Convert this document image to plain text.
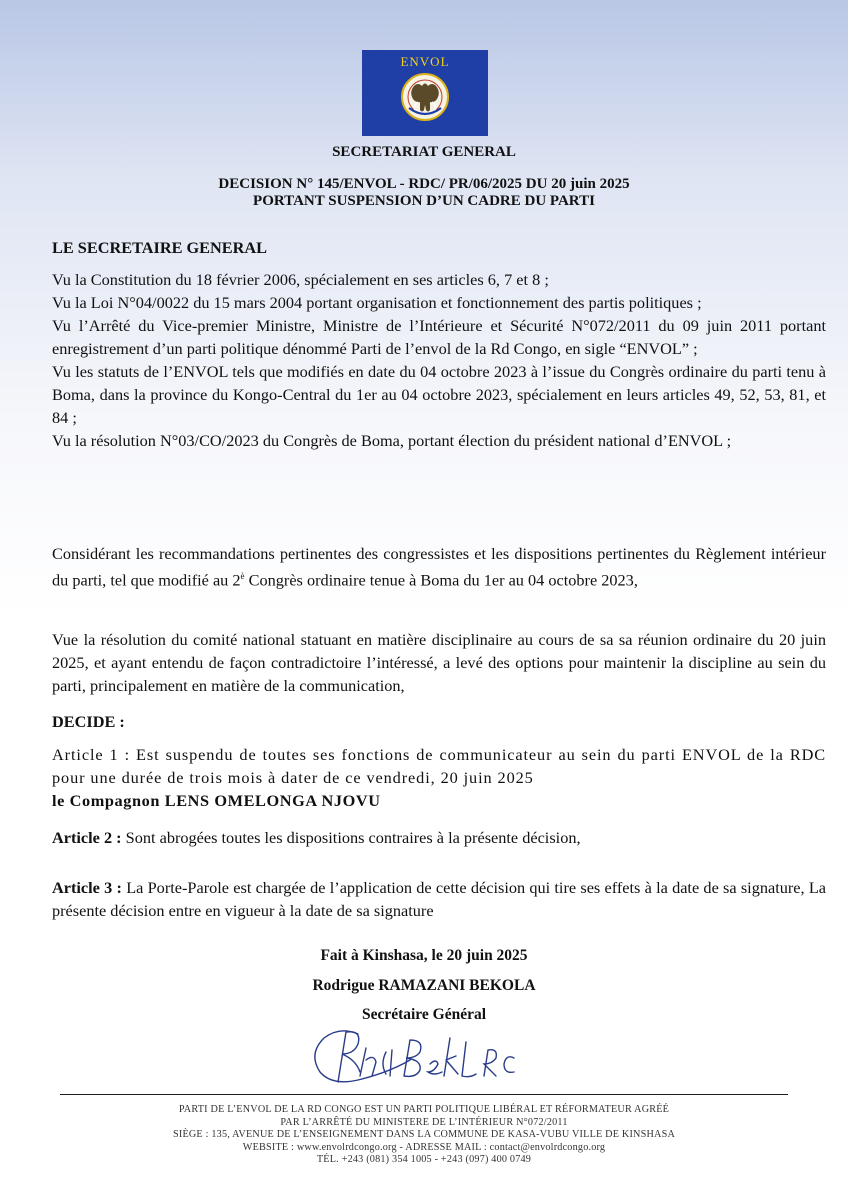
ENVOL
SECRETARIAT GENERAL
DECISION N° 145/ENVOL - RDC/ PR/06/2025 DU 20 juin 2025
PORTANT SUSPENSION D’UN CADRE DU PARTI
LE SECRETAIRE GENERAL
Vu la Constitution du 18 février 2006, spécialement en ses articles 6, 7 et 8 ;
Vu la Loi N°04/0022 du 15 mars 2004 portant organisation et fonctionnement des partis politiques ;
Vu l’Arrêté du Vice-premier Ministre, Ministre de l’Intérieure et Sécurité N°072/2011 du 09 juin 2011 portant enregistrement d’un parti politique dénommé Parti de l’envol de la Rd Congo, en sigle “ENVOL” ;
Vu les statuts de l’ENVOL tels que modifiés en date du 04 octobre 2023 à l’issue du Congrès ordinaire du parti tenu à Boma, dans la province du Kongo-Central du 1er au 04 octobre 2023, spécialement en leurs articles 49, 52, 53, 81, et 84 ;
Vu la résolution N°03/CO/2023 du Congrès de Boma, portant élection du président national d’ENVOL ;
Considérant les recommandations pertinentes des congressistes et les dispositions pertinentes du Règlement intérieur du parti, tel que modifié au $2^è$ Congrès ordinaire tenue à Boma du 1er au 04 octobre 2023,
Vue la résolution du comité national statuant en matière disciplinaire au cours de sa sa réunion ordinaire du 20 juin 2025, et ayant entendu de façon contradictoire l’intéressé, a levé des options pour maintenir la discipline au sein du parti, principalement en matière de la communication,
DECIDE :
Article 1 : Est suspendu de toutes ses fonctions de communicateur au sein du parti ENVOL de la RDC pour une durée de trois mois à dater de ce vendredi, 20 juin 2025
le Compagnon LENS OMELONGA NJOVU
Article 2 : Sont abrogées toutes les dispositions contraires à la présente décision,
Article 3 : La Porte-Parole est chargée de l’application de cette décision qui tire ses effets à la date de sa signature, La présente décision entre en vigueur à la date de sa signature
Fait à Kinshasa, le 20 juin 2025
Rodrigue RAMAZANI BEKOLA
Secrétaire Général
PARTI DE L’ENVOL DE LA RD CONGO EST UN PARTI POLITIQUE LIBÉRAL ET RÉFORMATEUR AGRÉÉ
PAR L’ARRÊTÉ DU MINISTERE DE L’INTÉRIEUR N°072/2011
SIÈGE : 135, AVENUE DE L’ENSEIGNEMENT DANS LA COMMUNE DE KASA-VUBU VILLE DE KINSHASA
WEBSITE : www.envolrdcongo.org - ADRESSE MAIL : contact@envolrdcongo.org
TÉL. +243 (081) 354 1005 - +243 (097) 400 0749
